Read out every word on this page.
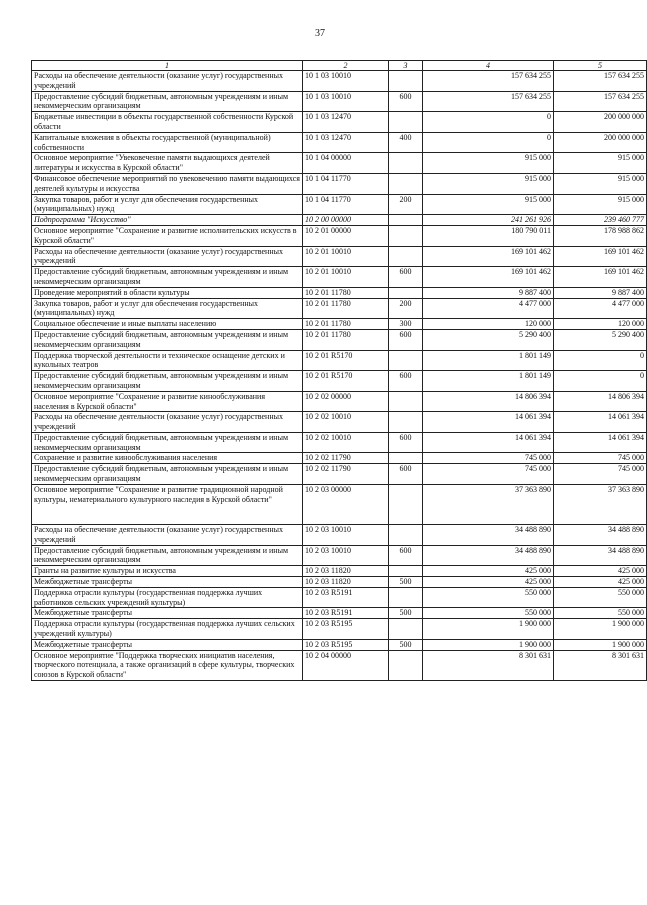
37
1	2	3	4	5
Расходы на обеспечение деятельности (оказание услуг) государственных учреждений	10 1 03 10010		157 634 255	157 634 255
Предоставление субсидий бюджетным, автономным учреждениям и иным некоммерческим организациям	10 1 03 10010	600	157 634 255	157 634 255
Бюджетные инвестиции в объекты государственной собственности Курской области	10 1 03 12470		0	200 000 000
Капитальные вложения в объекты государственной (муниципальной) собственности	10 1 03 12470	400	0	200 000 000
Основное мероприятие "Увековечение памяти выдающихся деятелей литературы и искусства в Курской области"	10 1 04 00000		915 000	915 000
Финансовое обеспечение мероприятий по увековечению памяти выдающихся деятелей культуры и искусства	10 1 04 11770		915 000	915 000
Закупка товаров, работ и услуг для обеспечения государственных (муниципальных) нужд	10 1 04 11770	200	915 000	915 000
Подпрограмма "Искусство"	10 2 00 00000		241 261 926	239 460 777
Основное мероприятие "Сохранение и развитие исполнительских искусств в Курской области"	10 2 01 00000		180 790 011	178 988 862
Расходы на обеспечение деятельности (оказание услуг) государственных учреждений	10 2 01 10010		169 101 462	169 101 462
Предоставление субсидий бюджетным, автономным учреждениям и иным некоммерческим организациям	10 2 01 10010	600	169 101 462	169 101 462
Проведение мероприятий в области культуры	10 2 01 11780		9 887 400	9 887 400
Закупка товаров, работ и услуг для обеспечения государственных (муниципальных) нужд	10 2 01 11780	200	4 477 000	4 477 000
Социальное обеспечение и иные выплаты населению	10 2 01 11780	300	120 000	120 000
Предоставление субсидий бюджетным, автономным учреждениям и иным некоммерческим организациям	10 2 01 11780	600	5 290 400	5 290 400
Поддержка творческой деятельности и техническое оснащение детских и кукольных театров	10 2 01 R5170		1 801 149	0
Предоставление субсидий бюджетным, автономным учреждениям и иным некоммерческим организациям	10 2 01 R5170	600	1 801 149	0
Основное мероприятие "Сохранение и развитие кинообслуживания населения в Курской области"	10 2 02 00000		14 806 394	14 806 394
Расходы на обеспечение деятельности (оказание услуг) государственных учреждений	10 2 02 10010		14 061 394	14 061 394
Предоставление субсидий бюджетным, автономным учреждениям и иным некоммерческим организациям	10 2 02 10010	600	14 061 394	14 061 394
Сохранение и развитие кинообслуживания населения	10 2 02 11790		745 000	745 000
Предоставление субсидий бюджетным, автономным учреждениям и иным некоммерческим организациям	10 2 02 11790	600	745 000	745 000
Основное мероприятие "Сохранение и развитие традиционной народной культуры, нематериального культурного наследия в Курской области"	10 2 03 00000		37 363 890	37 363 890
Расходы на обеспечение деятельности (оказание услуг) государственных учреждений	10 2 03 10010		34 488 890	34 488 890
Предоставление субсидий бюджетным, автономным учреждениям и иным некоммерческим организациям	10 2 03 10010	600	34 488 890	34 488 890
Гранты на развитие культуры и искусства	10 2 03 11820		425 000	425 000
Межбюджетные трансферты	10 2 03 11820	500	425 000	425 000
Поддержка отрасли культуры (государственная поддержка лучших работников сельских учреждений культуры)	10 2 03 R5191		550 000	550 000
Межбюджетные трансферты	10 2 03 R5191	500	550 000	550 000
Поддержка отрасли культуры (государственная поддержка лучших сельских учреждений культуры)	10 2 03 R5195		1 900 000	1 900 000
Межбюджетные трансферты	10 2 03 R5195	500	1 900 000	1 900 000
Основное мероприятие "Поддержка творческих инициатив населения, творческого потенциала, а также организаций в сфере культуры, творческих союзов в Курской области"	10 2 04 00000		8 301 631	8 301 631
